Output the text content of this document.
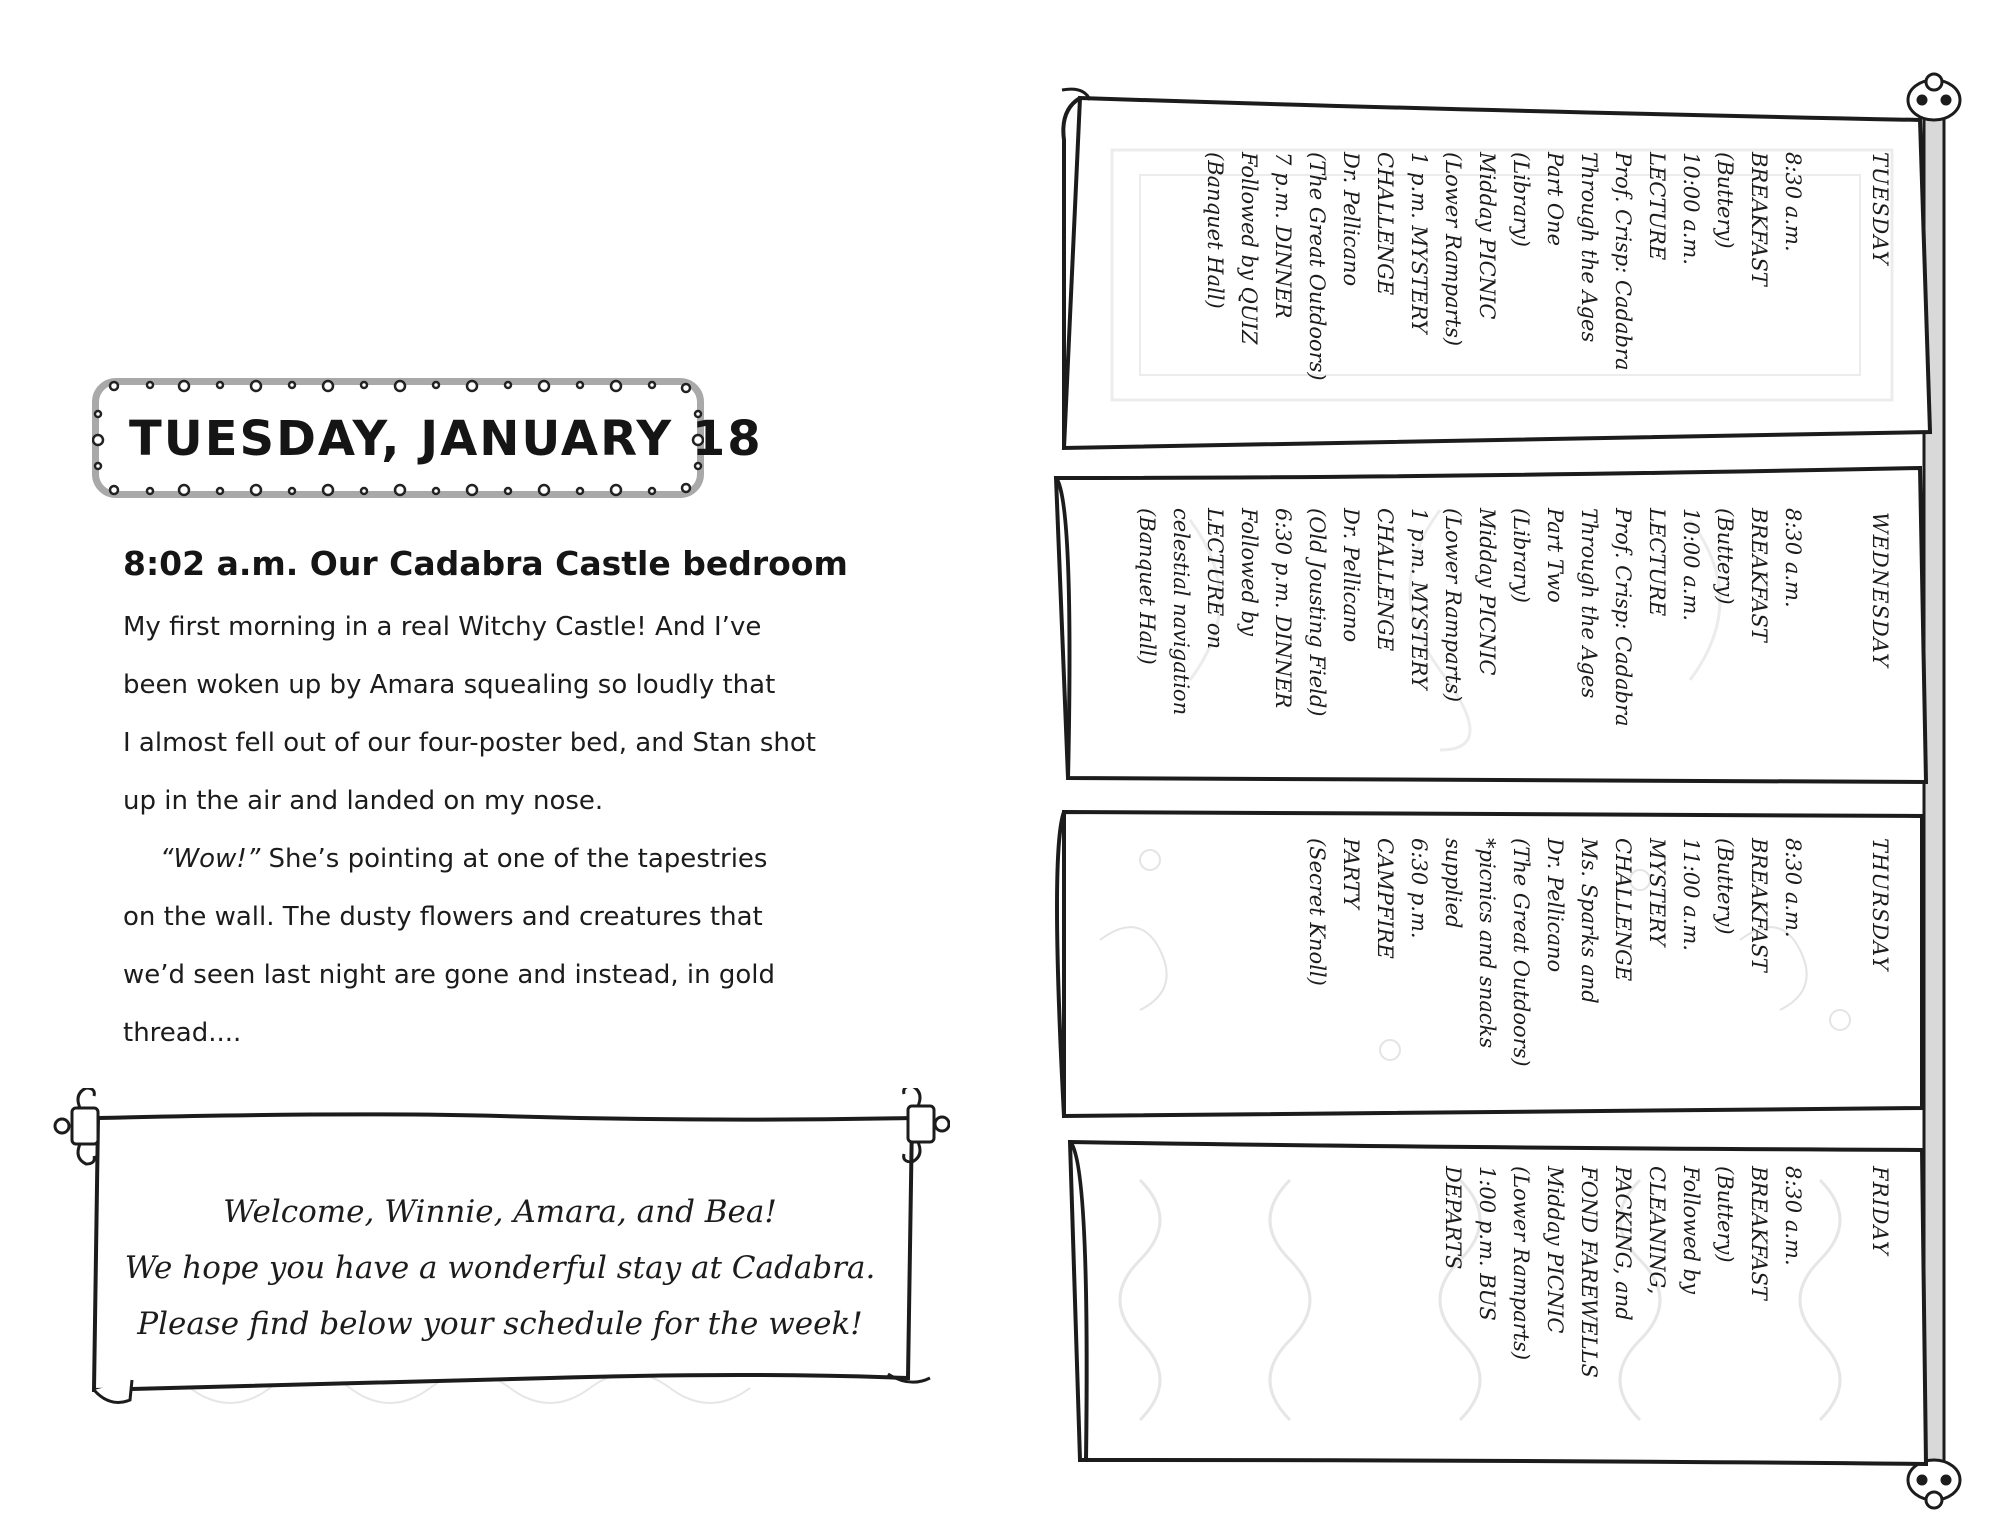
TUESDAY, JANUARY 18
8:02 a.m. Our Cadabra Castle bedroom

My first morning in a real Witchy Castle! And I’ve

been woken up by Amara squealing so loudly that

I almost fell out of our four-poster bed, and Stan shot

up in the air and landed on my nose.

“Wow!” She’s pointing at one of the tapestries

on the wall. The dusty flowers and creatures that

we’d seen last night are gone and instead, in gold

thread....

Welcome, Winnie, Amara, and Bea!

We hope you have a wonderful stay at Cadabra.

Please find below your schedule for the week!

TUESDAY

WEDNESDAY

THURSDAY

FRIDAY

8:30 a.m.
BREAKFAST
(Buttery)
10:00 a.m.
LECTURE
Prof. Crisp: Cadabra
Through the Ages
Part One
(Library)
Midday PICNIC
(Lower Ramparts)
1 p.m. MYSTERY
CHALLENGE
Dr. Pellicano
(The Great Outdoors)
7 p.m. DINNER
Followed by QUIZ
(Banquet Hall)
8:30 a.m.
BREAKFAST
(Buttery)
10:00 a.m.
LECTURE
Prof. Crisp: Cadabra
Through the Ages
Part Two
(Library)
Midday PICNIC
(Lower Ramparts)
1 p.m. MYSTERY
CHALLENGE
Dr. Pellicano
(Old Jousting Field)
6:30 p.m. DINNER
Followed by
LECTURE on
celestial navigation
(Banquet Hall)
8:30 a.m.
BREAKFAST
(Buttery)
11:00 a.m.
MYSTERY
CHALLENGE
Ms. Sparks and
Dr. Pellicano
(The Great Outdoors)
*picnics and snacks
supplied
6:30 p.m.
CAMPFIRE
PARTY
(Secret Knoll)
8:30 a.m.
BREAKFAST
(Buttery)
Followed by
CLEANING,
PACKING, and
FOND FAREWELLS
Midday PICNIC
(Lower Ramparts)
1:00 p.m. BUS
DEPARTS
